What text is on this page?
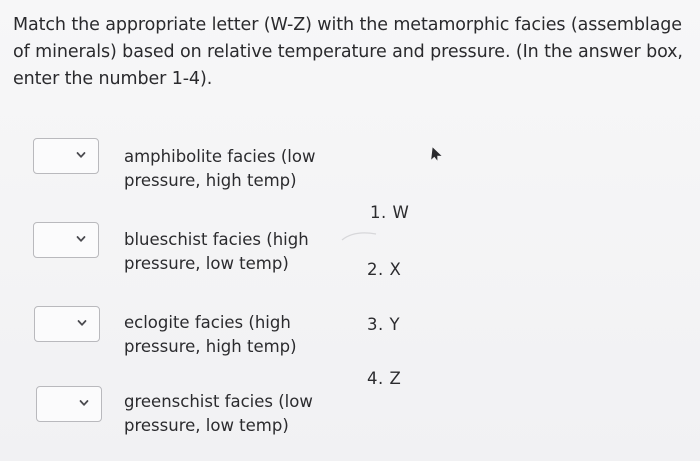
Match the appropriate letter (W-Z) with the metamorphic facies (assemblage of minerals) based on relative temperature and pressure. (In the answer box, enter the number 1-4).
amphibolite facies (low
pressure, high temp)
blueschist facies (high
pressure, low temp)
eclogite facies (high
pressure, high temp)
greenschist facies (low
pressure, low temp)
1. W
2. X
3. Y
4. Z
